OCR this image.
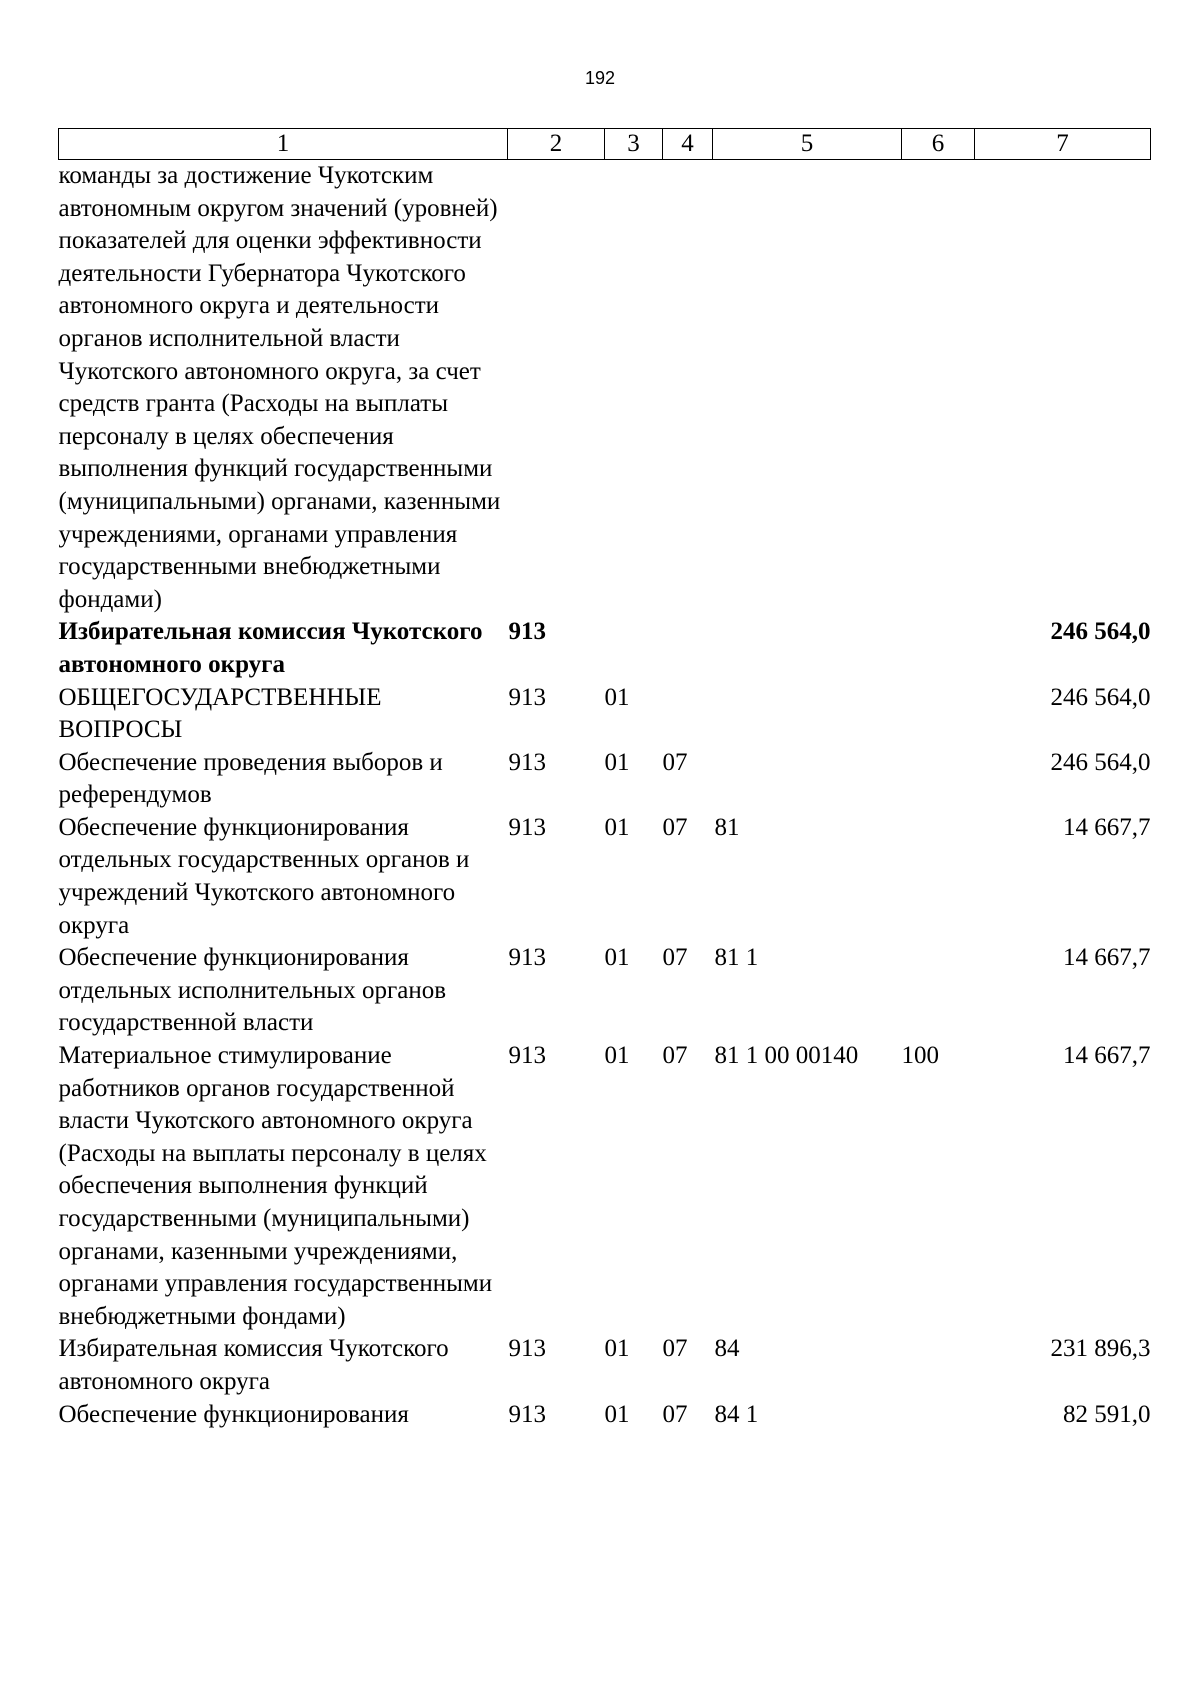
192
1	2	3	4	5	6	7
команды за достижение Чукотским автономным округом значений (уровней) показателей для оценки эффективности деятельности Губернатора Чукотского автономного округа и деятельности органов исполнительной власти Чукотского автономного округа, за счет средств гранта (Расходы на выплаты персоналу в целях обеспечения выполнения функций государственными (муниципальными) органами, казенными учреждениями, органами управления государственными внебюджетными фондами)						
Избирательная комиссия Чукотского автономного округа	913					246 564,0
ОБЩЕГОСУДАРСТВЕННЫЕ ВОПРОСЫ	913	01				246 564,0
Обеспечение проведения выборов и референдумов	913	01	07			246 564,0
Обеспечение функционирования отдельных государственных органов и учреждений Чукотского автономного округа	913	01	07	81		14 667,7
Обеспечение функционирования отдельных исполнительных органов государственной власти	913	01	07	81 1		14 667,7
Материальное стимулирование работников органов государственной власти Чукотского автономного округа (Расходы на выплаты персоналу в целях обеспечения выполнения функций государственными (муниципальными) органами, казенными учреждениями, органами управления государственными внебюджетными фондами)	913	01	07	81 1 00 00140	100	14 667,7
Избирательная комиссия Чукотского автономного округа	913	01	07	84		231 896,3
Обеспечение функционирования	913	01	07	84 1		82 591,0
